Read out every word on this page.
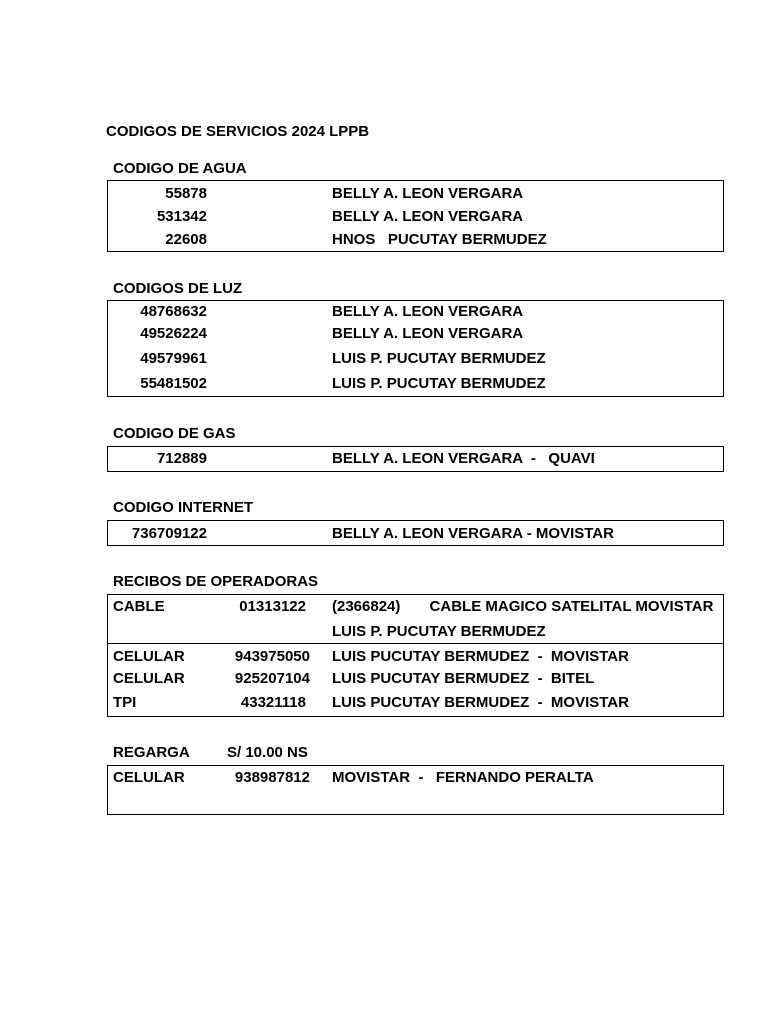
CODIGOS DE SERVICIOS 2024 LPPB
CODIGO DE AGUA
55878	BELLY A. LEON VERGARA
531342	BELLY A. LEON VERGARA
22608	HNOS   PUCUTAY BERMUDEZ
CODIGOS DE LUZ
48768632	BELLY A. LEON VERGARA
49526224	BELLY A. LEON VERGARA
49579961	LUIS P. PUCUTAY BERMUDEZ
55481502	LUIS P. PUCUTAY BERMUDEZ
CODIGO DE GAS
712889	BELLY A. LEON VERGARA  -   QUAVI
CODIGO INTERNET
736709122	BELLY A. LEON VERGARA - MOVISTAR
RECIBOS DE OPERADORAS
CABLE	01313122 (2366824)       CABLE MAGICO SATELITAL MOVISTAR
LUIS P. PUCUTAY BERMUDEZ
CELULAR	943975050 LUIS PUCUTAY BERMUDEZ  -  MOVISTAR
CELULAR	925207104 LUIS PUCUTAY BERMUDEZ  -  BITEL
TPI	43321118 LUIS PUCUTAY BERMUDEZ  -  MOVISTAR
REGARGA S/ 10.00 NS
CELULAR	938987812 MOVISTAR  -   FERNANDO PERALTA
